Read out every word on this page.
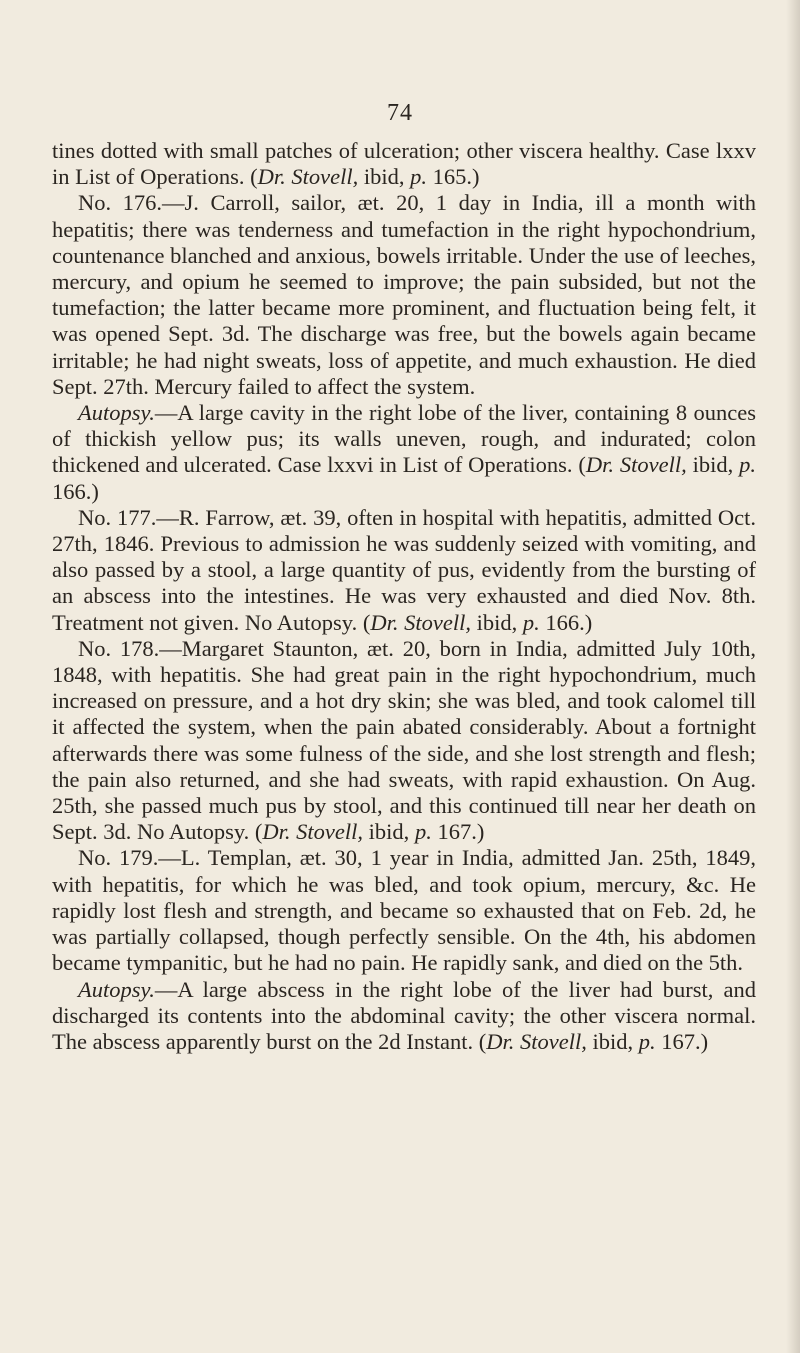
74

tines dotted with small patches of ulceration; other viscera healthy. Case lxxv in List of Operations. (Dr. Stovell, ibid, p. 165.)

No. 176.—J. Carroll, sailor, æt. 20, 1 day in India, ill a month with hepatitis; there was tenderness and tumefaction in the right hypochondrium, countenance blanched and anxious, bowels irritable. Under the use of leeches, mercury, and opium he seemed to improve; the pain subsided, but not the tumefaction; the latter became more prominent, and fluctuation being felt, it was opened Sept. 3d. The discharge was free, but the bowels again became irritable; he had night sweats, loss of appetite, and much exhaustion. He died Sept. 27th. Mercury failed to affect the system.

Autopsy.—A large cavity in the right lobe of the liver, containing 8 ounces of thickish yellow pus; its walls uneven, rough, and indurated; colon thickened and ulcerated. Case lxxvi in List of Operations. (Dr. Stovell, ibid, p. 166.)

No. 177.—R. Farrow, æt. 39, often in hospital with hepatitis, admitted Oct. 27th, 1846. Previous to admission he was suddenly seized with vomiting, and also passed by a stool, a large quantity of pus, evidently from the bursting of an abscess into the intestines. He was very exhausted and died Nov. 8th. Treatment not given. No Autopsy. (Dr. Stovell, ibid, p. 166.)

No. 178.—Margaret Staunton, æt. 20, born in India, admitted July 10th, 1848, with hepatitis. She had great pain in the right hypochondrium, much increased on pressure, and a hot dry skin; she was bled, and took calomel till it affected the system, when the pain abated considerably. About a fortnight afterwards there was some fulness of the side, and she lost strength and flesh; the pain also returned, and she had sweats, with rapid exhaustion. On Aug. 25th, she passed much pus by stool, and this continued till near her death on Sept. 3d. No Autopsy. (Dr. Stovell, ibid, p. 167.)

No. 179.—L. Templan, æt. 30, 1 year in India, admitted Jan. 25th, 1849, with hepatitis, for which he was bled, and took opium, mercury, &c. He rapidly lost flesh and strength, and became so exhausted that on Feb. 2d, he was partially collapsed, though perfectly sensible. On the 4th, his abdomen became tympanitic, but he had no pain. He rapidly sank, and died on the 5th.

Autopsy.—A large abscess in the right lobe of the liver had burst, and discharged its contents into the abdominal cavity; the other viscera normal. The abscess apparently burst on the 2d Instant. (Dr. Stovell, ibid, p. 167.)
